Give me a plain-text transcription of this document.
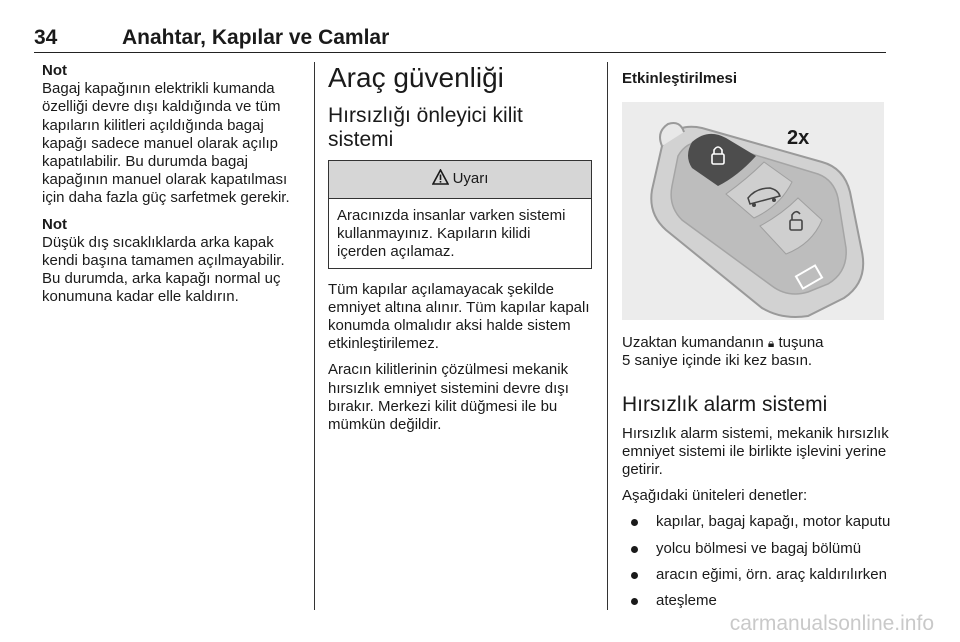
34	Anahtar, Kapılar ve Camlar
Not

Bagaj kapağının elektrikli kumanda özelliği devre dışı kaldığında ve tüm kapıların kilitleri açıldığında bagaj kapağı sadece manuel olarak açılıp kapatılabilir. Bu durumda bagaj kapağının manuel olarak kapatılması için daha fazla güç sarfetmek gerekir.

Not

Düşük dış sıcaklıklarda arka kapak kendi başına tamamen açılmayabilir. Bu durumda, arka kapağı normal uç konumuna kadar elle kaldırın.

Araç güvenliği
Hırsızlığı önleyici kilit sistemi
Uyarı
Aracınızda insanlar varken sistemi kullanmayınız. Kapıların kilidi içerden açılamaz.

Tüm kapılar açılamayacak şekilde emniyet altına alınır. Tüm kapılar kapalı konumda olmalıdır aksi halde sistem etkinleştirilemez.

Aracın kilitlerinin çözülmesi mekanik hırsızlık emniyet sistemini devre dışı bırakır. Merkezi kilit düğmesi ile bu mümkün değildir.

Etkinleştirilmesi
2x

Uzaktan kumandanın 🔒︎ tuşuna
5 saniye içinde iki kez basın.

Hırsızlık alarm sistemi

Hırsızlık alarm sistemi, mekanik hırsızlık emniyet sistemi ile birlikte işlevini yerine getirir.

Aşağıdaki üniteleri denetler:

kapılar, bagaj kapağı, motor kaputu
yolcu bölmesi ve bagaj bölümü
aracın eğimi, örn. araç kaldırılırken
ateşleme
carmanualsonline.info
